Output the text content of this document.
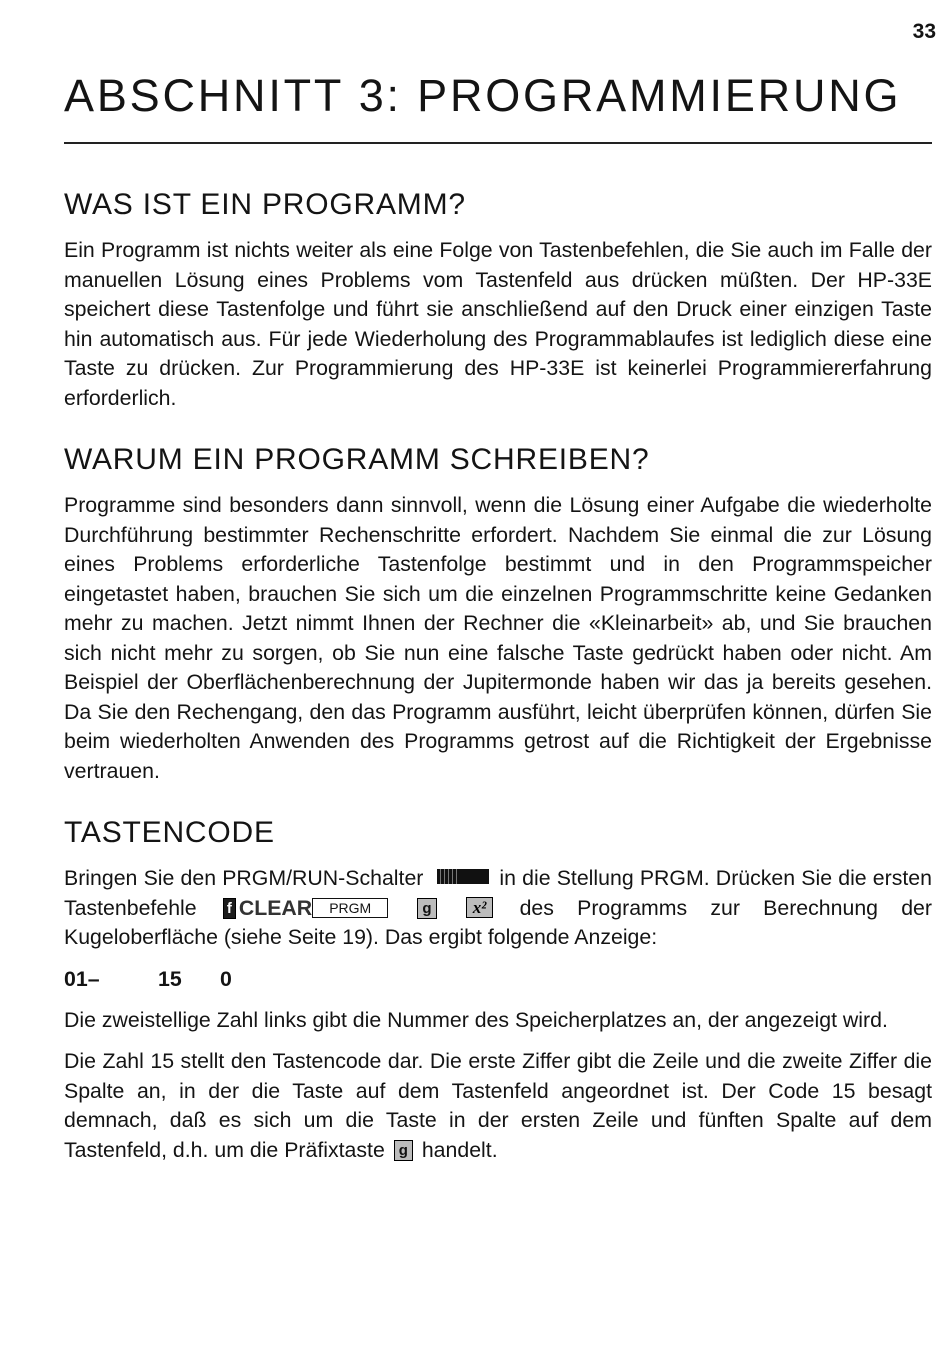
33
ABSCHNITT 3: PROGRAMMIERUNG
WAS IST EIN PROGRAMM?

Ein Programm ist nichts weiter als eine Folge von Tastenbefehlen, die Sie auch im Falle der manuellen Lösung eines Problems vom Tastenfeld aus drücken müßten. Der HP-33E speichert diese Tastenfolge und führt sie anschließend auf den Druck einer einzigen Taste hin automatisch aus. Für jede Wiederholung des Programmablaufes ist lediglich diese eine Taste zu drücken. Zur Programmierung des HP-33E ist keinerlei Programmiererfahrung erforderlich.

WARUM EIN PROGRAMM SCHREIBEN?

Programme sind besonders dann sinnvoll, wenn die Lösung einer Aufgabe die wiederholte Durchführung bestimmter Rechenschritte erfordert. Nachdem Sie einmal die zur Lösung eines Problems erforderliche Tastenfolge bestimmt und in den Programmspeicher eingetastet haben, brauchen Sie sich um die einzelnen Programmschritte keine Gedanken mehr zu machen. Jetzt nimmt Ihnen der Rechner die «Kleinarbeit» ab, und Sie brauchen sich nicht mehr zu sorgen, ob Sie nun eine falsche Taste gedrückt haben oder nicht. Am Beispiel der Oberflächenberechnung der Jupitermonde haben wir das ja bereits gesehen. Da Sie den Rechengang, den das Programm ausführt, leicht überprüfen können, dürfen Sie beim wiederholten Anwenden des Programms getrost auf die Richtigkeit der Ergebnisse vertrauen.

TASTENCODE

Bringen Sie den PRGM/RUN-Schalter	in die Stellung PRGM. Drücken Sie die ersten Tastenbefehle f CLEAR PRGM	g x² des Programms zur Berechnung der Kugeloberfläche (siehe Seite 19). Das ergibt folgende Anzeige:

01–	15 0

Die zweistellige Zahl links gibt die Nummer des Speicherplatzes an, der angezeigt wird.

Die Zahl 15 stellt den Tastencode dar. Die erste Ziffer gibt die Zeile und die zweite Ziffer die Spalte an, in der die Taste auf dem Tastenfeld angeordnet ist. Der Code 15 besagt demnach, daß es sich um die Taste in der ersten Zeile und fünften Spalte auf dem Tastenfeld, d.h. um die Präfixtaste g handelt.
